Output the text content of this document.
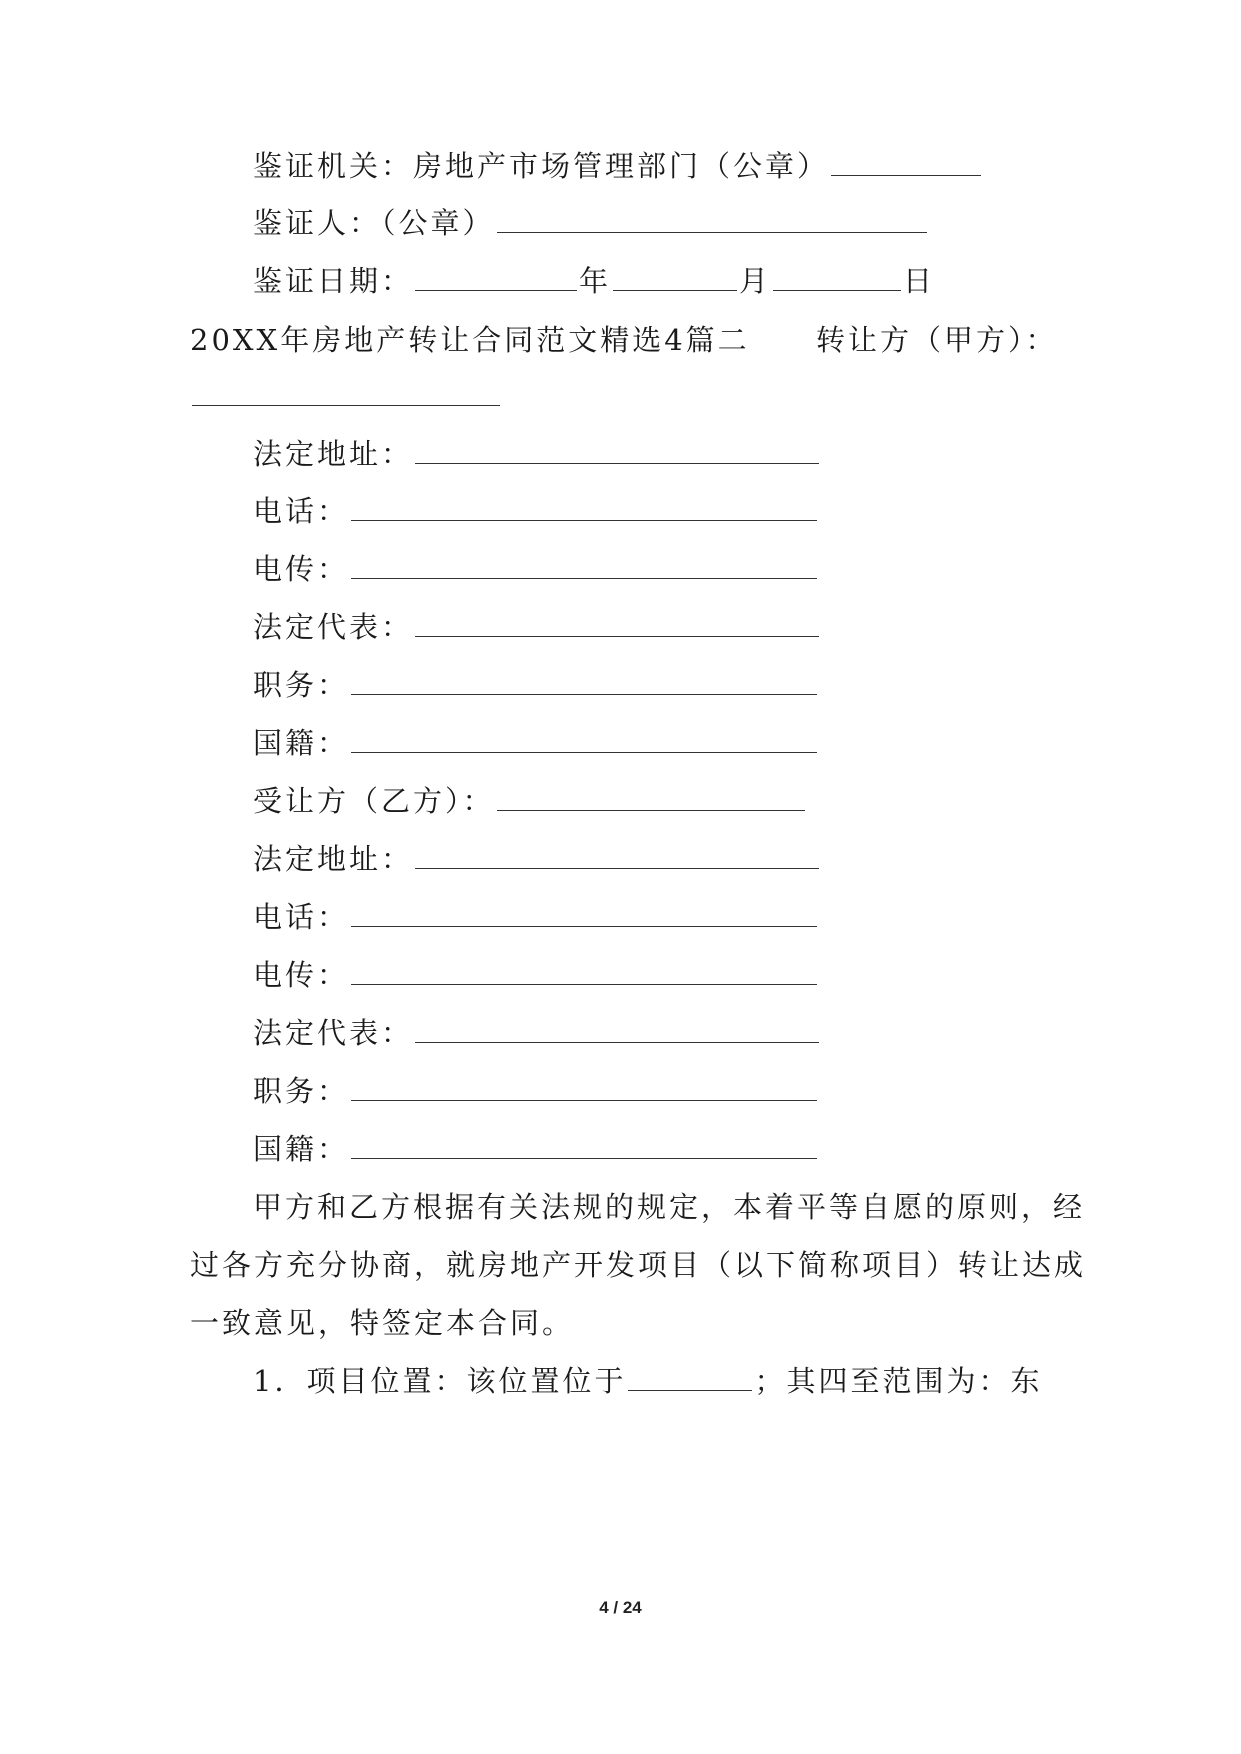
鉴证机关：房地产市场管理部门（公章）
鉴证人：（公章）
鉴证日期：	年	月	日
20XX年房地产转让合同范文精选4篇二 转让方（甲方）：
法定地址：
电话：
电传：
法定代表：
职务：
国籍：
受让方（乙方）：
法定地址：
电话：
电传：
法定代表：
职务：
国籍：
甲方和乙方根据有关法规的规定，本着平等自愿的原则，经
过各方充分协商，就房地产开发项目（以下简称项目）转让达成
一致意见，特签定本合同。
1．项目位置：该位置位于	；其四至范围为：东
4 / 24
